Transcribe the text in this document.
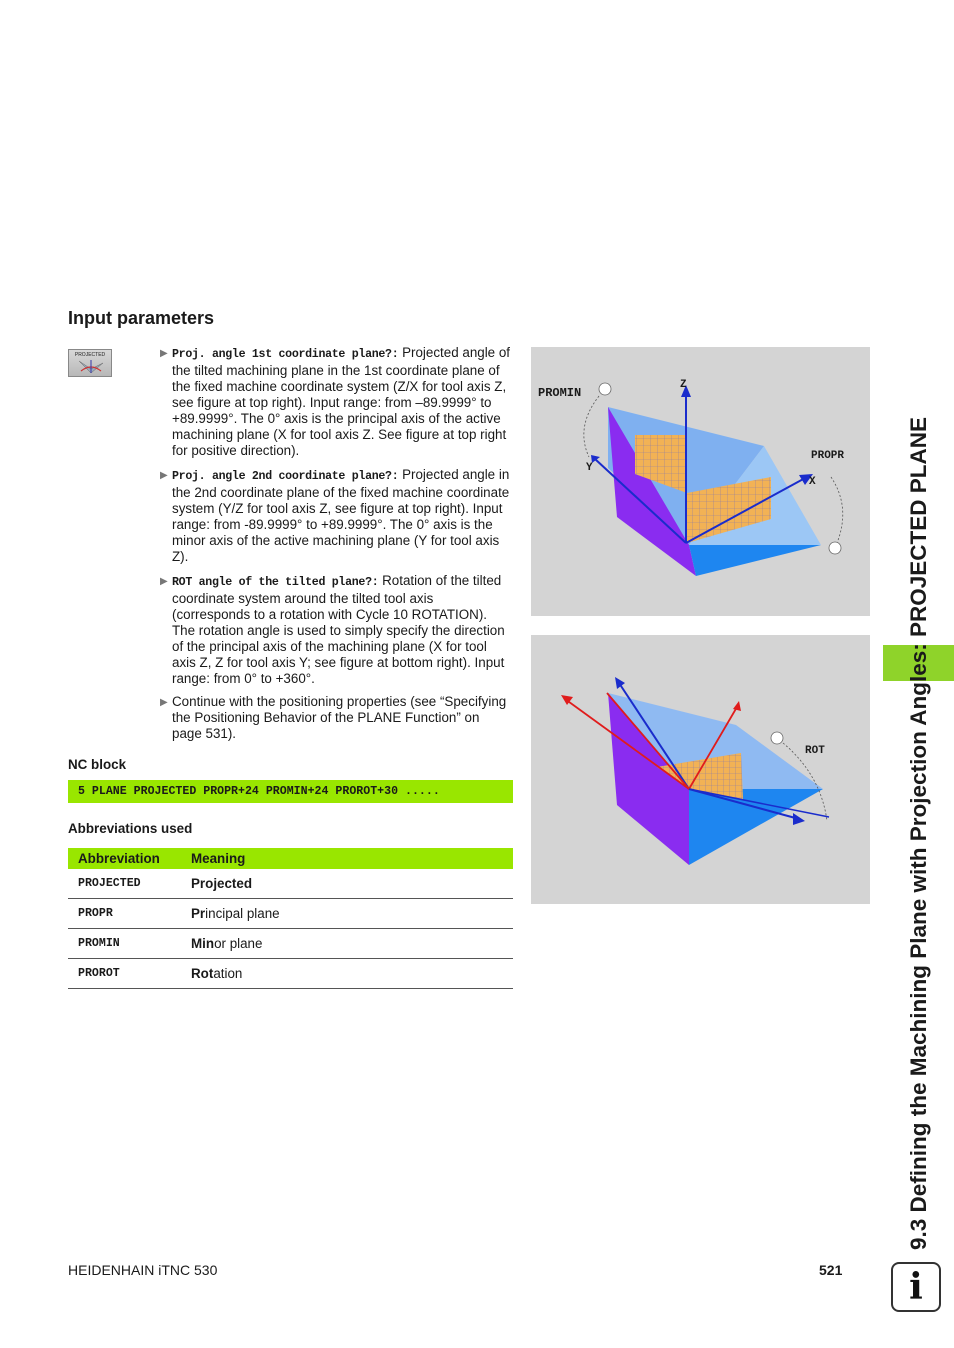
Input parameters
PROJECTED	▶ Proj. angle 1st coordinate plane?: Projected angle of the tilted machining plane in the 1st coordinate plane of the fixed machine coordinate system (Z/X for tool axis Z, see figure at top right). Input range: from –89.9999° to +89.9999°. The 0° axis is the principal axis of the active machining plane (X for tool axis Z. See figure at top right for positive direction).
▶ Proj. angle 2nd coordinate plane?: Projected angle in the 2nd coordinate plane of the fixed machine coordinate system (Y/Z for tool axis Z, see figure at top right). Input range: from -89.9999° to +89.9999°. The 0° axis is the minor axis of the active machining plane (Y for tool axis Z).
▶ ROT angle of the tilted plane?: Rotation of the tilted coordinate system around the tilted tool axis (corresponds to a rotation with Cycle 10 ROTATION). The rotation angle is used to simply specify the direction of the principal axis of the machining plane (X for tool axis Z, Z for tool axis Y; see figure at bottom right). Input range: from 0° to +360°.
▶ Continue with the positioning properties (see “Specifying the Positioning Behavior of the PLANE Function” on page 531).
NC block
5 PLANE PROJECTED PROPR+24 PROMIN+24 PROROT+30 .....
Abbreviations used
Abbreviation	Meaning
PROJECTED	Projected
PROPR	Principal plane
PROMIN	Minor plane
PROROT	Rotation
PROMIN
Z
Y
X
PROPR
ROT	9.3 Defining the Machining Plane with Projection Angles: PROJECTED PLANE
HEIDENHAIN iTNC 530	521	i
